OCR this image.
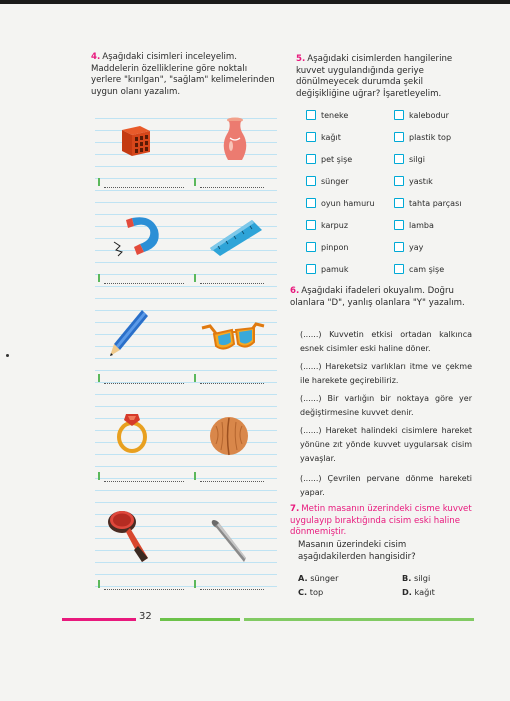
4. Aşağıdaki cisimleri inceleyelim. Maddelerin özelliklerine göre noktalı yerlere "kırılgan", "sağlam" kelimelerinden uygun olanı yazalım.
5. Aşağıdaki cisimlerden hangilerine kuvvet uygulandığında geriye dönülmeyecek durumda şekil değişikliğine uğrar? İşaretleyelim.
teneke
kağıt
pet şişe
sünger
oyun hamuru
karpuz
pinpon
pamuk
kalebodur
plastik top
silgi
yastık
tahta parçası
lamba
yay
cam şişe
6. Aşağıdaki ifadeleri okuyalım. Doğru olanlara "D", yanlış olanlara "Y" yazalım.
(......) Kuvvetin etkisi ortadan kalkınca esnek cisimler eski haline döner.
(......) Hareketsiz varlıkları itme ve çekme ile harekete geçirebiliriz.
(......) Bir varlığın bir noktaya göre yer değiştirmesine kuvvet denir.
(......) Hareket halindeki cisimlere hareket yönüne zıt yönde kuvvet uygularsak cisim yavaşlar.
(......) Çevrilen pervane dönme hareketi yapar.
7. Metin masanın üzerindeki cisme kuvvet uygulayıp bıraktığında cisim eski haline dönmemiştir.
Masanın üzerindeki cisim aşağıdakilerden hangisidir?
A. sünger	B. silgi
C. top	D. kağıt
32
